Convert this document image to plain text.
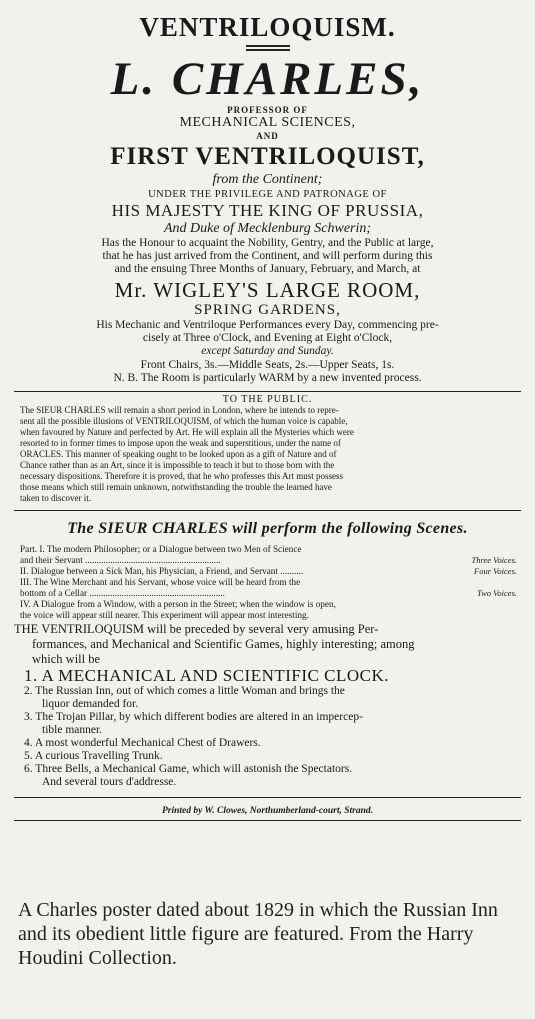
VENTRILOQUISM.
L. CHARLES,
PROFESSOR OF
MECHANICAL SCIENCES,
AND
FIRST VENTRILOQUIST,
from the Continent;
UNDER THE PRIVILEGE AND PATRONAGE OF
HIS MAJESTY THE KING OF PRUSSIA,
And Duke of Mecklenburg Schwerin;
Has the Honour to acquaint the Nobility, Gentry, and the Public at large,
that he has just arrived from the Continent, and will perform during this
and the ensuing Three Months of January, February, and March, at
Mr. WIGLEY'S LARGE ROOM,
SPRING GARDENS,
His Mechanic and Ventriloque Performances every Day, commencing pre-
cisely at Three o'Clock, and Evening at Eight o'Clock,
except Saturday and Sunday.
Front Chairs, 3s.—Middle Seats, 2s.—Upper Seats, 1s.
N. B. The Room is particularly WARM by a new invented process.
TO THE PUBLIC.
The SIEUR CHARLES will remain a short period in London, where he intends to repre-
sent all the possible illusions of VENTRILOQUISM, of which the human voice is capable,
when favoured by Nature and perfected by Art. He will explain all the Mysteries which were
resorted to in former times to impose upon the weak and superstitious, under the name of
ORACLES. This manner of speaking ought to be looked upon as a gift of Nature and of
Chance rather than as an Art, since it is impossible to teach it but to those born with the
necessary dispositions. Therefore it is proved, that he who professes this Art must possess
those means which still remain unknown, notwithstanding the trouble the learned have
taken to discover it.
The SIEUR CHARLES will perform the following Scenes.
Part. I. The modern Philosopher; or a Dialogue between two Men of Science
and their Servant ...........................................................	Three Voices.
II. Dialogue between a Sick Man, his Physician, a Friend, and Servant ..........	Four Voices.
III. The Wine Merchant and his Servant, whose voice will be heard from the
bottom of a Cellar ...........................................................	Two Voices.
IV. A Dialogue from a Window, with a person in the Street; when the window is open,
the voice will appear still nearer. This experiment will appear most interesting.
THE VENTRILOQUISM will be preceded by several very amusing Per-
formances, and Mechanical and Scientific Games, highly interesting; among
which will be
1. A MECHANICAL AND SCIENTIFIC CLOCK.
2. The Russian Inn, out of which comes a little Woman and brings the
liquor demanded for.
3. The Trojan Pillar, by which different bodies are altered in an impercep-
tible manner.
4. A most wonderful Mechanical Chest of Drawers.
5. A curious Travelling Trunk.
6. Three Bells, a Mechanical Game, which will astonish the Spectators.
And several tours d'addresse.
Printed by W. Clowes, Northumberland-court, Strand.
A Charles poster dated about 1829 in which the Russian Inn and its obedient little figure are featured. From the Harry Houdini Collection.
